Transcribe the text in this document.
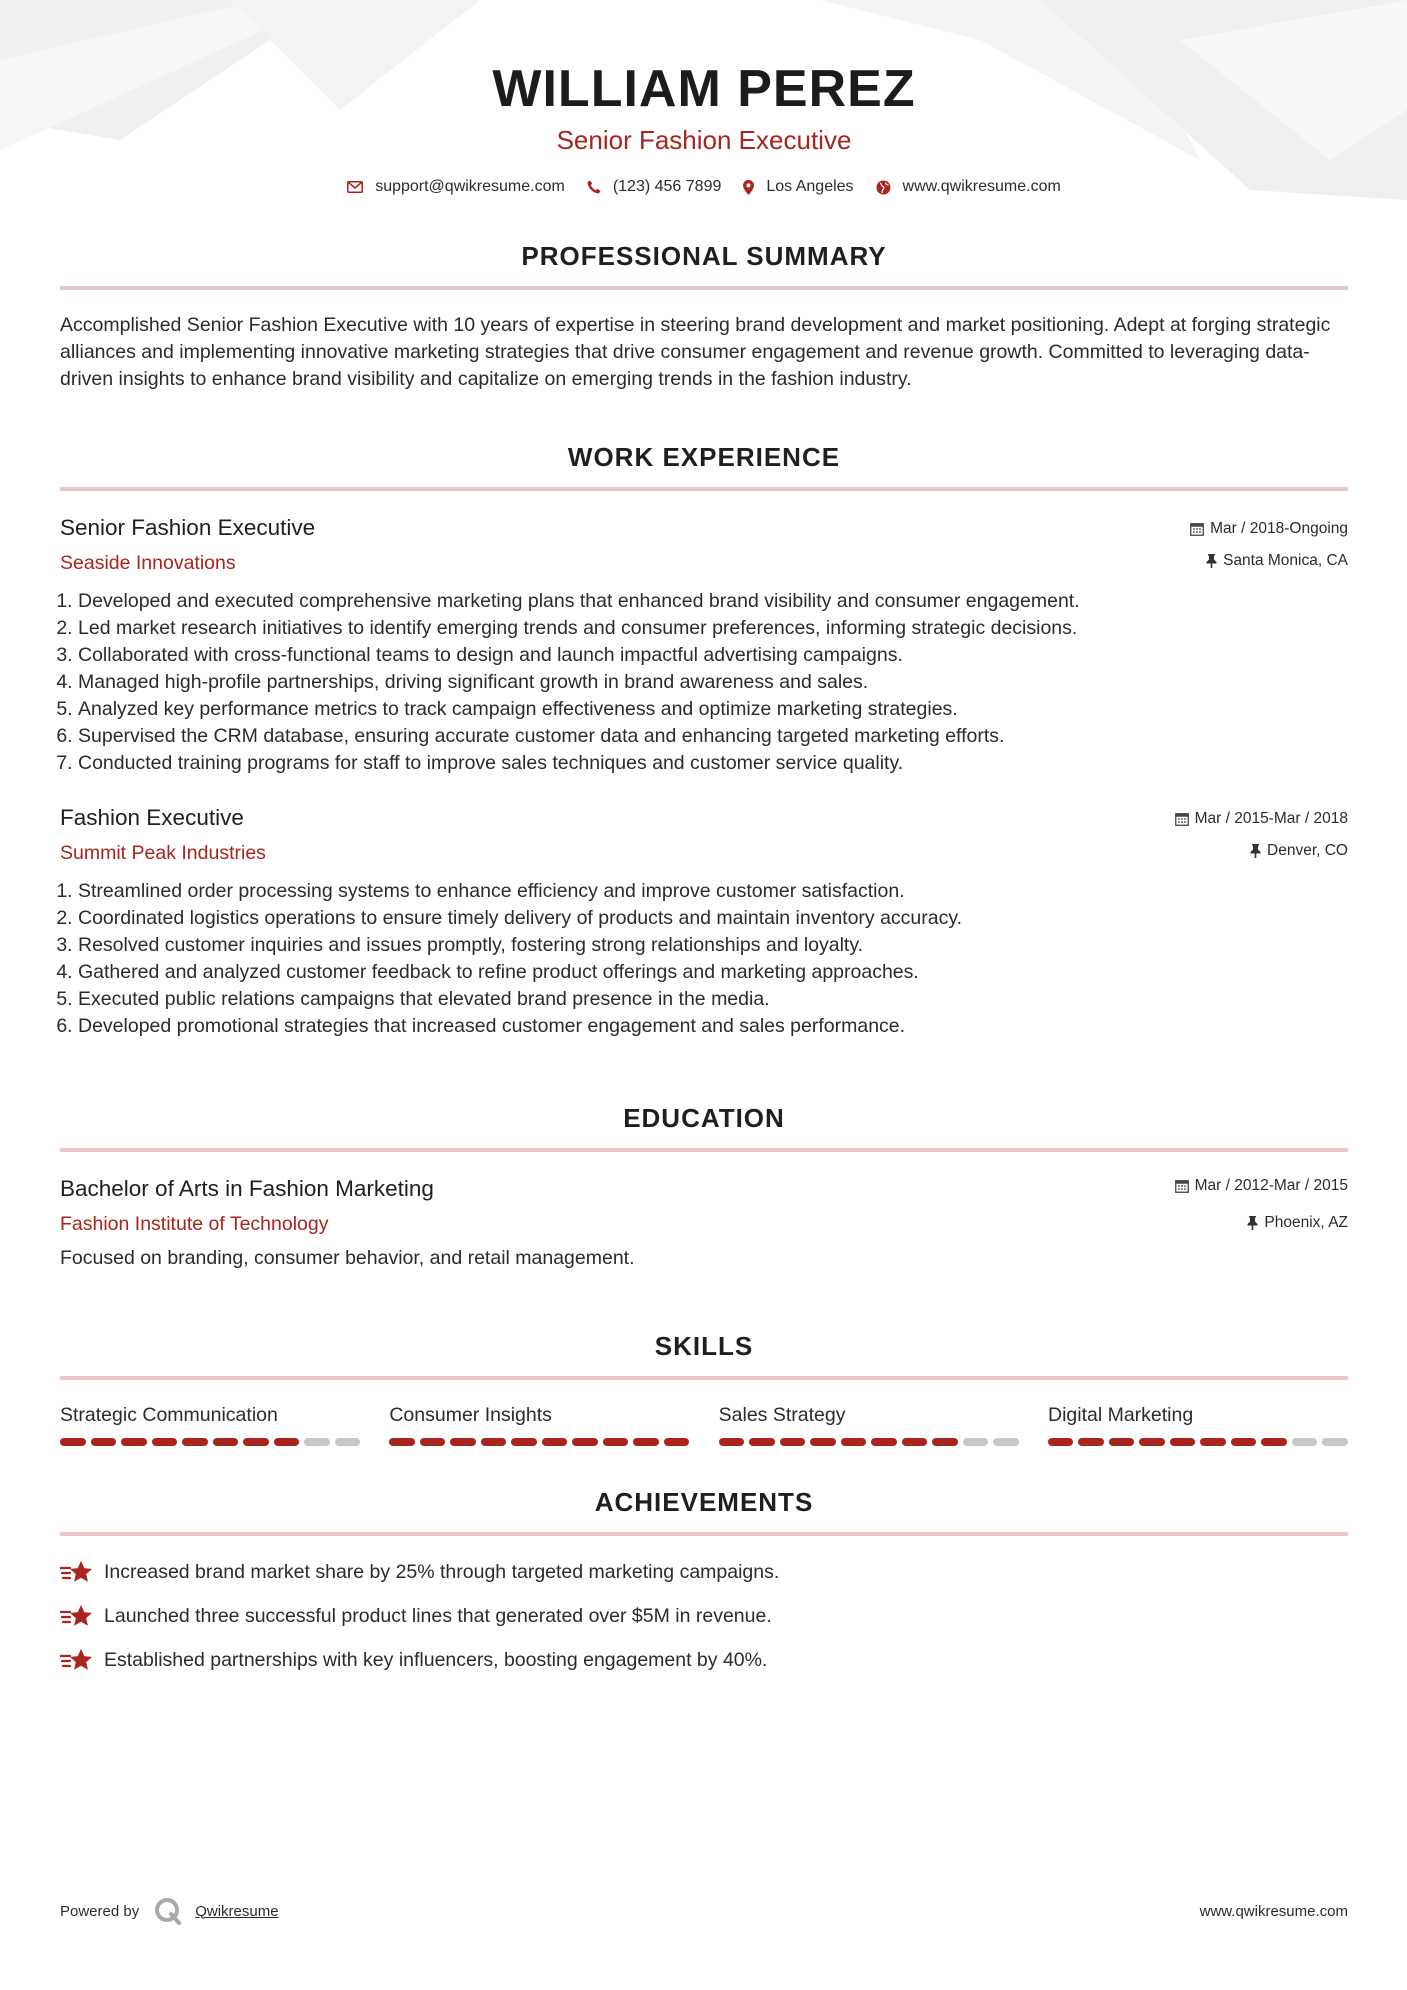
WILLIAM PEREZ
Senior Fashion Executive
support@qwikresume.com	(123) 456 7899	Los Angeles	www.qwikresume.com
PROFESSIONAL SUMMARY
Accomplished Senior Fashion Executive with 10 years of expertise in steering brand development and market positioning. Adept at forging strategic alliances and implementing innovative marketing strategies that drive consumer engagement and revenue growth. Committed to leveraging data-driven insights to enhance brand visibility and capitalize on emerging trends in the fashion industry.
WORK EXPERIENCE
Senior Fashion Executive
Seaside Innovations
Mar / 2018-Ongoing
Santa Monica, CA
1. Developed and executed comprehensive marketing plans that enhanced brand visibility and consumer engagement.
2. Led market research initiatives to identify emerging trends and consumer preferences, informing strategic decisions.
3. Collaborated with cross-functional teams to design and launch impactful advertising campaigns.
4. Managed high-profile partnerships, driving significant growth in brand awareness and sales.
5. Analyzed key performance metrics to track campaign effectiveness and optimize marketing strategies.
6. Supervised the CRM database, ensuring accurate customer data and enhancing targeted marketing efforts.
7. Conducted training programs for staff to improve sales techniques and customer service quality.
Fashion Executive
Summit Peak Industries
Mar / 2015-Mar / 2018
Denver, CO
1. Streamlined order processing systems to enhance efficiency and improve customer satisfaction.
2. Coordinated logistics operations to ensure timely delivery of products and maintain inventory accuracy.
3. Resolved customer inquiries and issues promptly, fostering strong relationships and loyalty.
4. Gathered and analyzed customer feedback to refine product offerings and marketing approaches.
5. Executed public relations campaigns that elevated brand presence in the media.
6. Developed promotional strategies that increased customer engagement and sales performance.
EDUCATION
Bachelor of Arts in Fashion Marketing
Fashion Institute of Technology
Mar / 2012-Mar / 2015
Phoenix, AZ
Focused on branding, consumer behavior, and retail management.
SKILLS
Strategic Communication	Consumer Insights	Sales Strategy	Digital Marketing
ACHIEVEMENTS
Increased brand market share by 25% through targeted marketing campaigns.
Launched three successful product lines that generated over $5M in revenue.
Established partnerships with key influencers, boosting engagement by 40%.
Powered by	Qwikresume	www.qwikresume.com
